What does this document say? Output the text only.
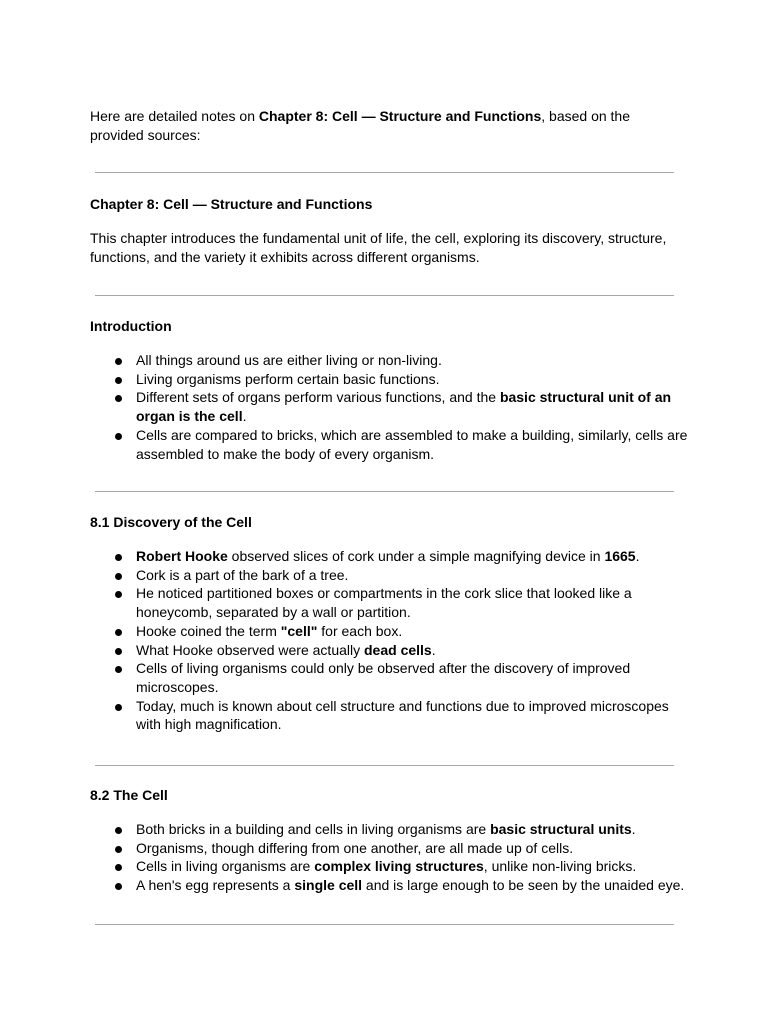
Here are detailed notes on Chapter 8: Cell — Structure and Functions, based on the provided sources:

Chapter 8: Cell — Structure and Functions

This chapter introduces the fundamental unit of life, the cell, exploring its discovery, structure, functions, and the variety it exhibits across different organisms.

Introduction
All things around us are either living or non-living.
Living organisms perform certain basic functions.
Different sets of organs perform various functions, and the basic structural unit of an organ is the cell.
Cells are compared to bricks, which are assembled to make a building, similarly, cells are assembled to make the body of every organism.
8.1 Discovery of the Cell
Robert Hooke observed slices of cork under a simple magnifying device in 1665.
Cork is a part of the bark of a tree.
He noticed partitioned boxes or compartments in the cork slice that looked like a honeycomb, separated by a wall or partition.
Hooke coined the term "cell" for each box.
What Hooke observed were actually dead cells.
Cells of living organisms could only be observed after the discovery of improved microscopes.
Today, much is known about cell structure and functions due to improved microscopes with high magnification.
8.2 The Cell
Both bricks in a building and cells in living organisms are basic structural units.
Organisms, though differing from one another, are all made up of cells.
Cells in living organisms are complex living structures, unlike non-living bricks.
A hen's egg represents a single cell and is large enough to be seen by the unaided eye.
